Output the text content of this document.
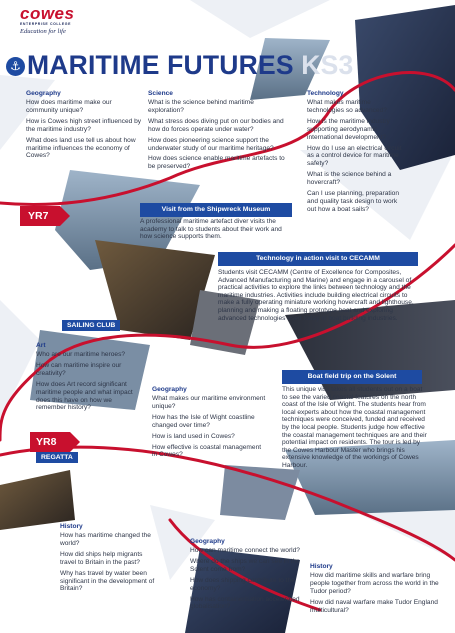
cowes
ENTERPRISE COLLEGE
Education for life
⚓ MARITIME FUTURES KS3
Geography

How does maritime make our community unique?

How is Cowes high street influenced by the maritime industry?

What does land use tell us about how maritime influences the economy of Cowes?

Science

What is the science behind maritime exploration?

What stress does diving put on our bodies and how do forces operate under water?

How does pioneering science support the underwater study of our maritime heritage?

How does science enable maritime artefacts to be preserved?

Technology

What makes maritime technologies so advanced?

How is the maritime industry supporting aerodynamic international development?

How do I use an electrical circuit as a control device for maritime safety?

What is the science behind a hovercraft?

Can I use planning, preparation and quality task design to work out how a boat sails?

YR7
Visit from the Shipwreck Museum
A professional maritime artefact diver visits the academy to talk to students about their work and how science supports them.
Technology in action visit to CECAMM
Students visit CECAMM (Centre of Excellence for Composites, Advanced Manufacturing and Marine) and engage in a carousel of practical activities to explore the links between technology and the maritime industries. Activities include building electrical circuits to make a fully operating miniature working hovercraft and lighthouse, planning and making a floating prototype boat and exploring advanced technologies used today in boat building industries.
SAILING CLUB
Art

Who are our maritime heroes?

How can maritime inspire our creativity?

How does Art record significant maritime people and what impact does this have on how we remember history?

Geography

What makes our maritime environment unique?

How has the Isle of Wight coastline changed over time?

How is land used in Cowes?

How effective is coastal management in Cowes?

Boat field trip on the Solent
This unique visit takes all students out on a boat to see the varied coastal features on the north coast of the Isle of Wight. The students hear from local experts about how the coastal management techniques were conceived, funded and received by the local people. Students judge how effective the coastal management techniques are and their potential impact on residents. The tour is led by the Cowes Harbour Master who brings his extensive knowledge of the workings of Cowes Harbour.
REGATTA
YR8
History

How has maritime changed the world?

How did ships help migrants travel to Britain in the past?

Why has travel by water been significant in the development of Britain?

Geography

How can maritime connect the world?

Where do the ships we can see in the Solent come from?

How does shipping contribute to the economy?

How has containerisation accelerated globalisation?

History

How did maritime skills and warfare bring people together from across the world in the Tudor period?

How did naval warfare make Tudor England multicultural?
